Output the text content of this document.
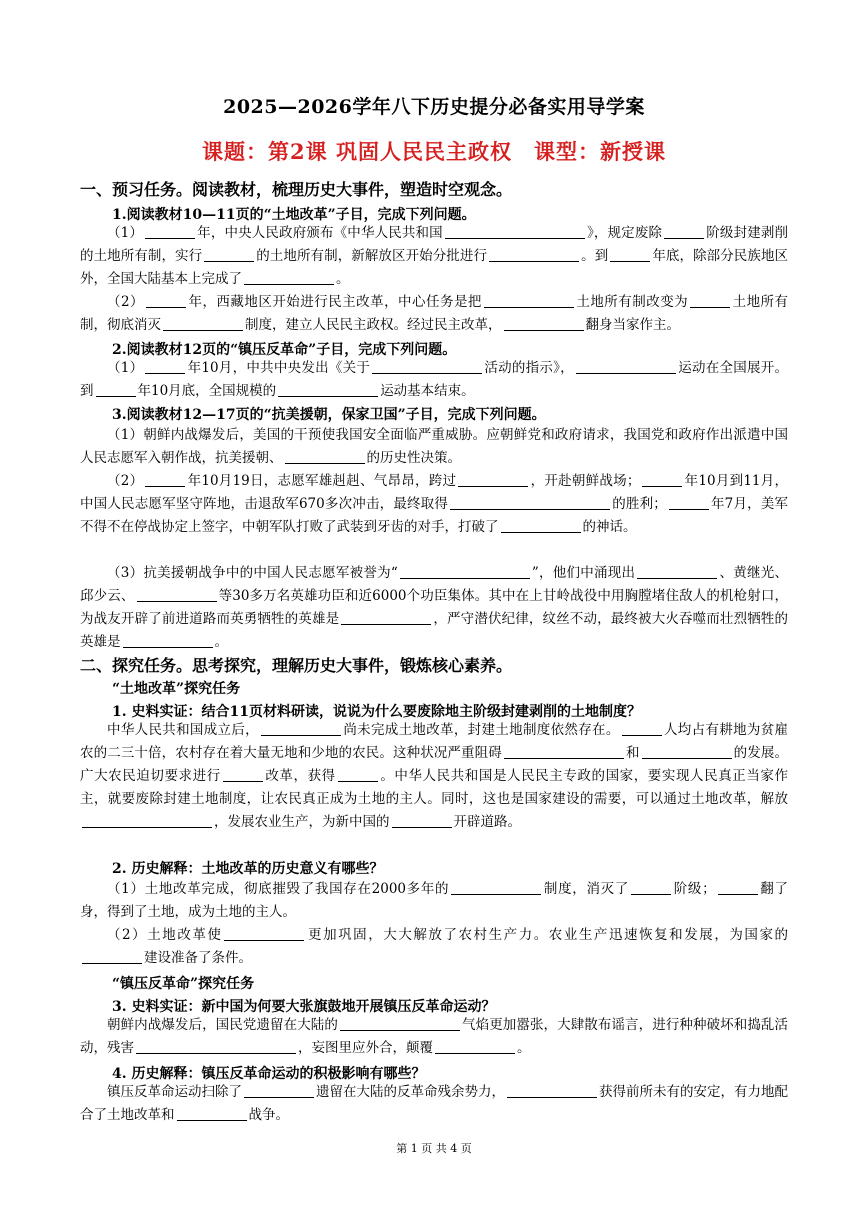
2025—2026学年八下历史提分必备实用导学案
课题：第2课 巩固人民民主政权　课型：新授课
一、预习任务。阅读教材，梳理历史大事件，塑造时空观念。
1.阅读教材10—11页的“土地改革”子目，完成下列问题。
（1）	年，中央人民政府颁布《中华人民共和国	》，规定废除	阶级封建剥削的土地所有制，实行	的土地所有制，新解放区开始分批进行	。到	年底，除部分民族地区外，全国大陆基本上完成了	。
（2）	年，西藏地区开始进行民主改革，中心任务是把	土地所有制改变为	土地所有制，彻底消灭	制度，建立人民民主政权。经过民主改革，	翻身当家作主。
2.阅读教材12页的“镇压反革命”子目，完成下列问题。
（1）	年10月，中共中央发出《关于	活动的指示》，	运动在全国展开。到	年10月底，全国规模的	运动基本结束。
3.阅读教材12—17页的“抗美援朝，保家卫国”子目，完成下列问题。
（1）朝鲜内战爆发后，美国的干预使我国安全面临严重威胁。应朝鲜党和政府请求，我国党和政府作出派遣中国人民志愿军入朝作战，抗美援朝、	的历史性决策。
（2）	年10月19日，志愿军雄赳赳、气昂昂，跨过	，开赴朝鲜战场；	年10月到11月，中国人民志愿军坚守阵地，击退敌军670多次冲击，最终取得	的胜利；	年7月，美军不得不在停战协定上签字，中朝军队打败了武装到牙齿的对手，打破了	的神话。
（3）抗美援朝战争中的中国人民志愿军被誉为“	”，他们中涌现出	、黄继光、邱少云、	等30多万名英雄功臣和近6000个功臣集体。其中在上甘岭战役中用胸膛堵住敌人的机枪射口，为战友开辟了前进道路而英勇牺牲的英雄是	，严守潜伏纪律，纹丝不动，最终被大火吞噬而壮烈牺牲的英雄是	。
二、探究任务。思考探究，理解历史大事件，锻炼核心素养。
“土地改革”探究任务
1. 史料实证：结合11页材料研读，说说为什么要废除地主阶级封建剥削的土地制度？
中华人民共和国成立后，	尚未完成土地改革，封建土地制度依然存在。	人均占有耕地为贫雇农的二三十倍，农村存在着大量无地和少地的农民。这种状况严重阻碍	和	的发展。广大农民迫切要求进行	改革，获得	。中华人民共和国是人民民主专政的国家，要实现人民真正当家作主，就要废除封建土地制度，让农民真正成为土地的主人。同时，这也是国家建设的需要，可以通过土地改革，解放，发展农业生产，为新中国的	开辟道路。
2. 历史解释：土地改革的历史意义有哪些？
（1）土地改革完成，彻底摧毁了我国存在2000多年的	制度，消灭了	阶级；	翻了身，得到了土地，成为土地的主人。
（2）土地改革使	更加巩固，大大解放了农村生产力。农业生产迅速恢复和发展，为国家的建设准备了条件。
“镇压反革命”探究任务
3. 史料实证：新中国为何要大张旗鼓地开展镇压反革命运动？
朝鲜内战爆发后，国民党遗留在大陆的	气焰更加嚣张，大肆散布谣言，进行种种破坏和捣乱活动，残害	，妄图里应外合，颠覆	。
4. 历史解释：镇压反革命运动的积极影响有哪些？
镇压反革命运动扫除了	遗留在大陆的反革命残余势力，	获得前所未有的安定，有力地配合了土地改革和	战争。
第 1 页 共 4 页
